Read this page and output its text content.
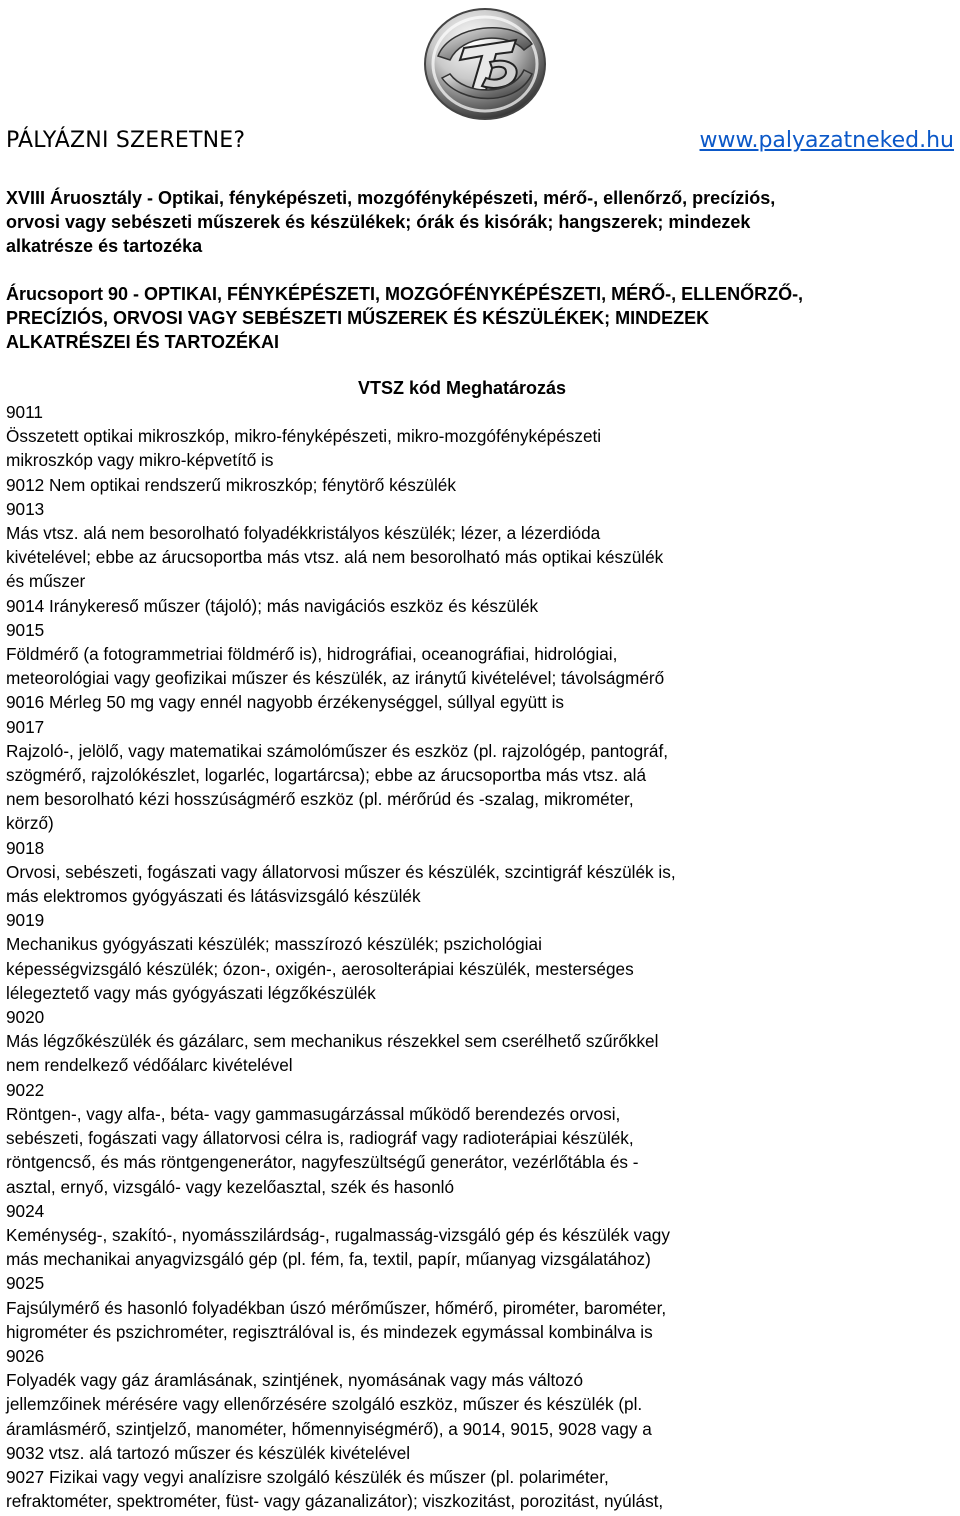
PÁLYÁZNI SZERETNE?	www.palyazatneked.hu
XVIII Áruosztály - Optikai, fényképészeti, mozgófényképészeti, mérő-, ellenőrző, precíziós,
orvosi vagy sebészeti műszerek és készülékek; órák és kisórák; hangszerek; mindezek
alkatrésze és tartozéka
Árucsoport 90 - OPTIKAI, FÉNYKÉPÉSZETI, MOZGÓFÉNYKÉPÉSZETI, MÉRŐ-, ELLENŐRZŐ-,
PRECÍZIÓS, ORVOSI VAGY SEBÉSZETI MŰSZEREK ÉS KÉSZÜLÉKEK; MINDEZEK
ALKATRÉSZEI ÉS TARTOZÉKAI
VTSZ kód Meghatározás
9011
Összetett optikai mikroszkóp, mikro-fényképészeti, mikro-mozgófényképészeti
mikroszkóp vagy mikro-képvetítő is
9012 Nem optikai rendszerű mikroszkóp; fénytörő készülék
9013
Más vtsz. alá nem besorolható folyadékkristályos készülék; lézer, a lézerdióda
kivételével; ebbe az árucsoportba más vtsz. alá nem besorolható más optikai készülék
és műszer
9014 Iránykereső műszer (tájoló); más navigációs eszköz és készülék
9015
Földmérő (a fotogrammetriai földmérő is), hidrográfiai, oceanográfiai, hidrológiai,
meteorológiai vagy geofizikai műszer és készülék, az iránytű kivételével; távolságmérő
9016 Mérleg 50 mg vagy ennél nagyobb érzékenységgel, súllyal együtt is
9017
Rajzoló-, jelölő, vagy matematikai számolóműszer és eszköz (pl. rajzológép, pantográf,
szögmérő, rajzolókészlet, logarléc, logartárcsa); ebbe az árucsoportba más vtsz. alá
nem besorolható kézi hosszúságmérő eszköz (pl. mérőrúd és -szalag, mikrométer,
körző)
9018
Orvosi, sebészeti, fogászati vagy állatorvosi műszer és készülék, szcintigráf készülék is,
más elektromos gyógyászati és látásvizsgáló készülék
9019
Mechanikus gyógyászati készülék; masszírozó készülék; pszichológiai
képességvizsgáló készülék; ózon-, oxigén-, aerosolterápiai készülék, mesterséges
lélegeztető vagy más gyógyászati légzőkészülék
9020
Más légzőkészülék és gázálarc, sem mechanikus részekkel sem cserélhető szűrőkkel
nem rendelkező védőálarc kivételével
9022
Röntgen-, vagy alfa-, béta- vagy gammasugárzással működő berendezés orvosi,
sebészeti, fogászati vagy állatorvosi célra is, radiográf vagy radioterápiai készülék,
röntgencső, és más röntgengenerátor, nagyfeszültségű generátor, vezérlőtábla és -
asztal, ernyő, vizsgáló- vagy kezelőasztal, szék és hasonló
9024
Keménység-, szakító-, nyomásszilárdság-, rugalmasság-vizsgáló gép és készülék vagy
más mechanikai anyagvizsgáló gép (pl. fém, fa, textil, papír, műanyag vizsgálatához)
9025
Fajsúlymérő és hasonló folyadékban úszó mérőműszer, hőmérő, pirométer, barométer,
higrométer és pszichrométer, regisztrálóval is, és mindezek egymással kombinálva is
9026
Folyadék vagy gáz áramlásának, szintjének, nyomásának vagy más változó
jellemzőinek mérésére vagy ellenőrzésére szolgáló eszköz, műszer és készülék (pl.
áramlásmérő, szintjelző, manométer, hőmennyiségmérő), a 9014, 9015, 9028 vagy a
9032 vtsz. alá tartozó műszer és készülék kivételével
9027 Fizikai vagy vegyi analízisre szolgáló készülék és műszer (pl. polariméter,
refraktométer, spektrométer, füst- vagy gázanalizátor); viszkozitást, porozitást, nyúlást,
